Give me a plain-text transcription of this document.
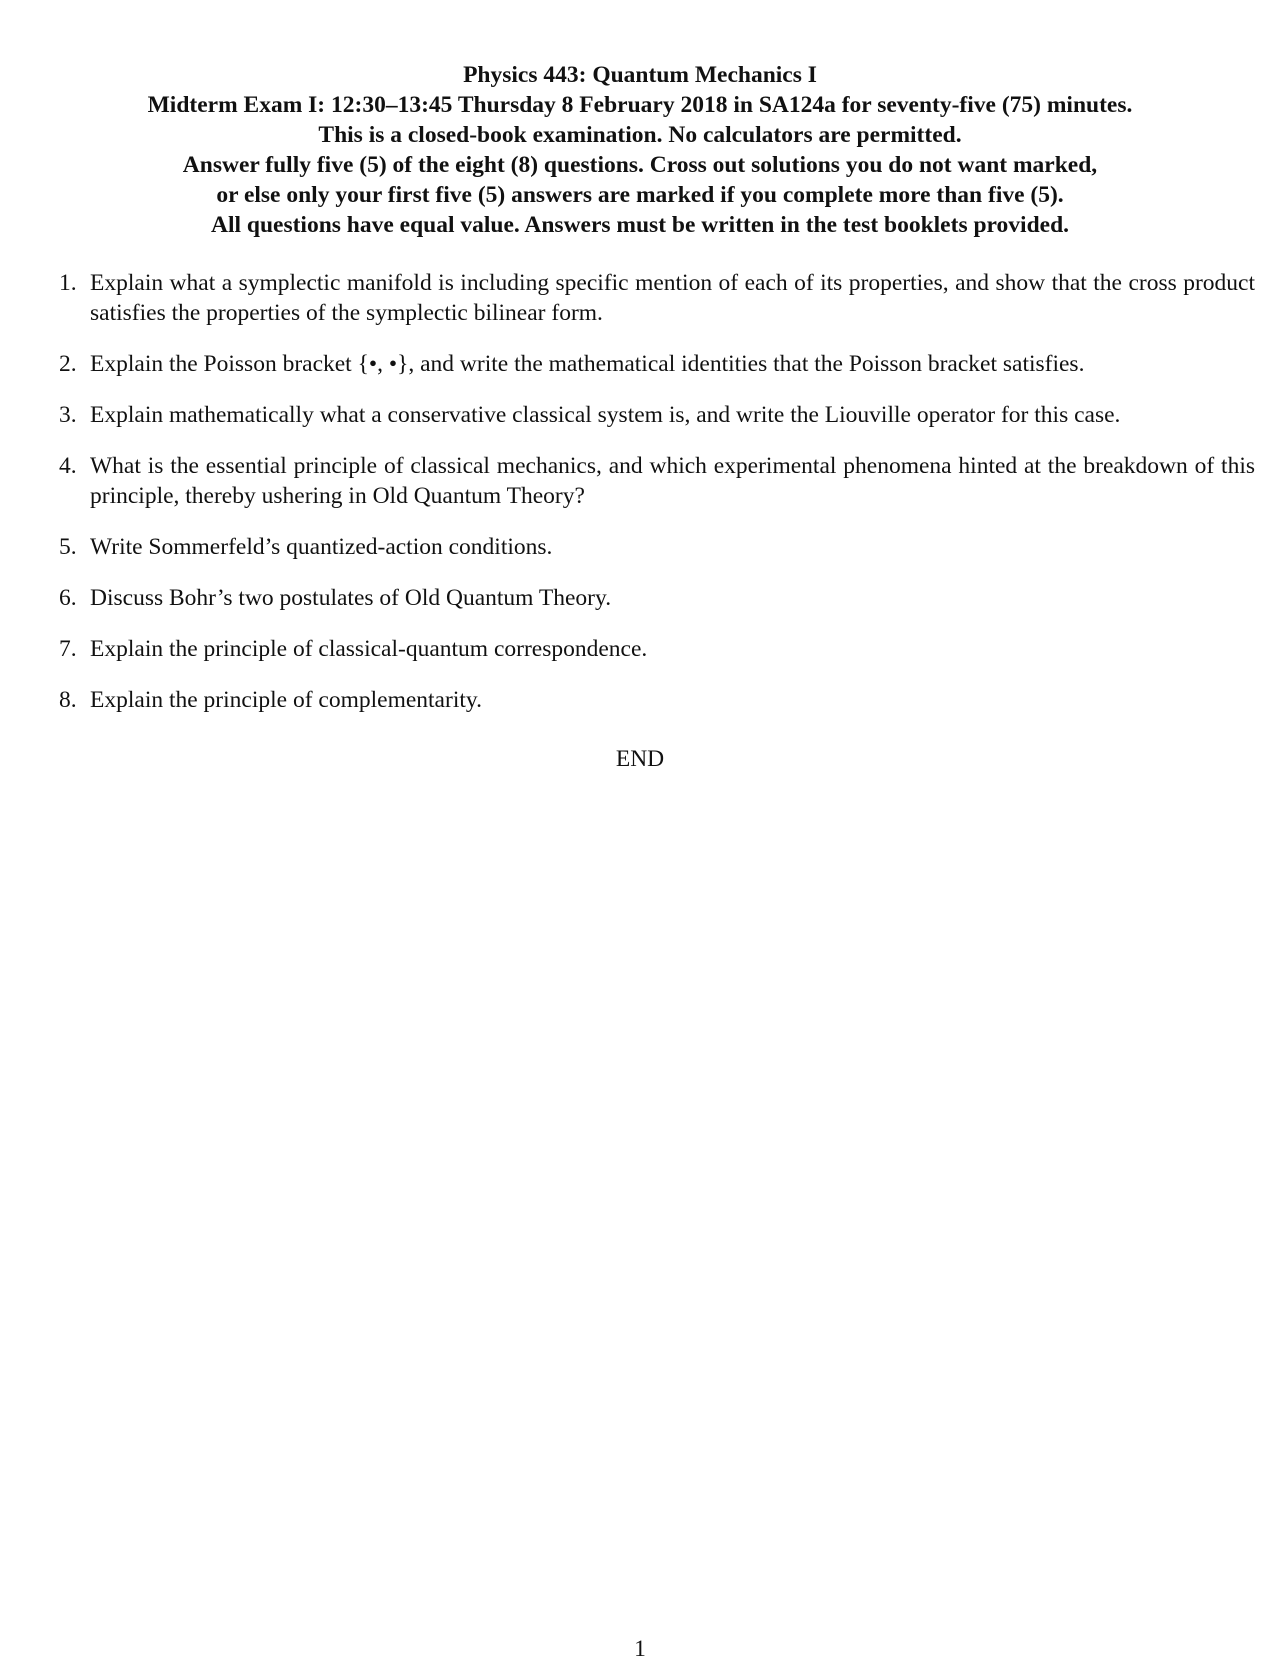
Physics 443: Quantum Mechanics I
Midterm Exam I: 12:30–13:45 Thursday 8 February 2018 in SA124a for seventy-five (75) minutes.
This is a closed-book examination. No calculators are permitted.
Answer fully five (5) of the eight (8) questions. Cross out solutions you do not want marked,
or else only your first five (5) answers are marked if you complete more than five (5).
All questions have equal value. Answers must be written in the test booklets provided.
1. Explain what a symplectic manifold is including specific mention of each of its properties, and show that the cross product satisfies the properties of the symplectic bilinear form.
2. Explain the Poisson bracket {•, •}, and write the mathematical identities that the Poisson bracket satisfies.
3. Explain mathematically what a conservative classical system is, and write the Liouville operator for this case.
4. What is the essential principle of classical mechanics, and which experimental phenomena hinted at the breakdown of this principle, thereby ushering in Old Quantum Theory?
5. Write Sommerfeld’s quantized-action conditions.
6. Discuss Bohr’s two postulates of Old Quantum Theory.
7. Explain the principle of classical-quantum correspondence.
8. Explain the principle of complementarity.
END
1
